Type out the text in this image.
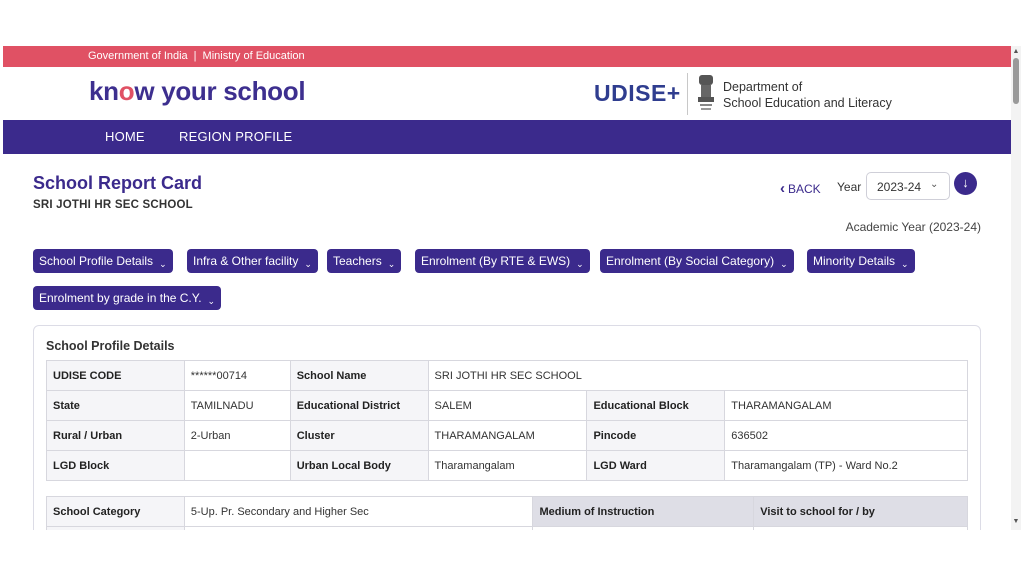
Government of India | Ministry of Education
know your school	UDISE+	Department of
School Education and Literacy
HOME	REGION PROFILE
School Report Card
SRI JOTHI HR SEC SCHOOL
‹ BACK Year 2023-24 ⌄	↓
Academic Year (2023-24)
School Profile Details ⌄	Infra & Other facility ⌄	Teachers ⌄	Enrolment (By RTE & EWS) ⌄	Enrolment (By Social Category) ⌄	Minority Details ⌄
Enrolment by grade in the C.Y. ⌄
School Profile Details
UDISE CODE	******00714	School Name	SRI JOTHI HR SEC SCHOOL		
State	TAMILNADU	Educational District	SALEM	Educational Block	THARAMANGALAM
Rural / Urban	2-Urban	Cluster	THARAMANGALAM	Pincode	636502
LGD Block		Urban Local Body	Tharamangalam	LGD Ward	Tharamangalam (TP) - Ward No.2
School Category	5-Up. Pr. Secondary and Higher Sec	Medium of Instruction	Visit to school for / by

▲
▼
